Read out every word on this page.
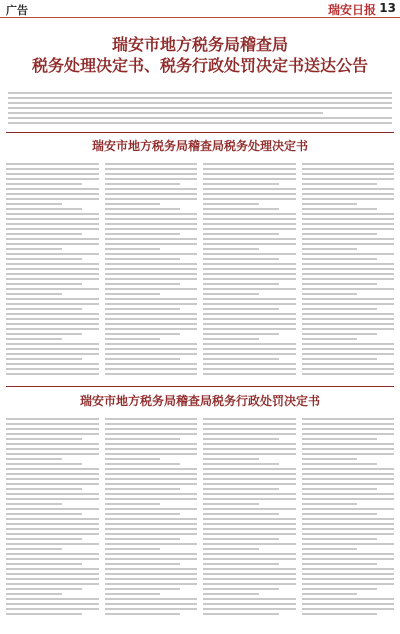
广告	瑞安日报 13
瑞安市地方税务局稽查局
税务处理决定书、税务行政处罚决定书送达公告
瑞安市地方税务局稽查局税务处理决定书
瑞安市地方税务局稽查局税务行政处罚决定书
